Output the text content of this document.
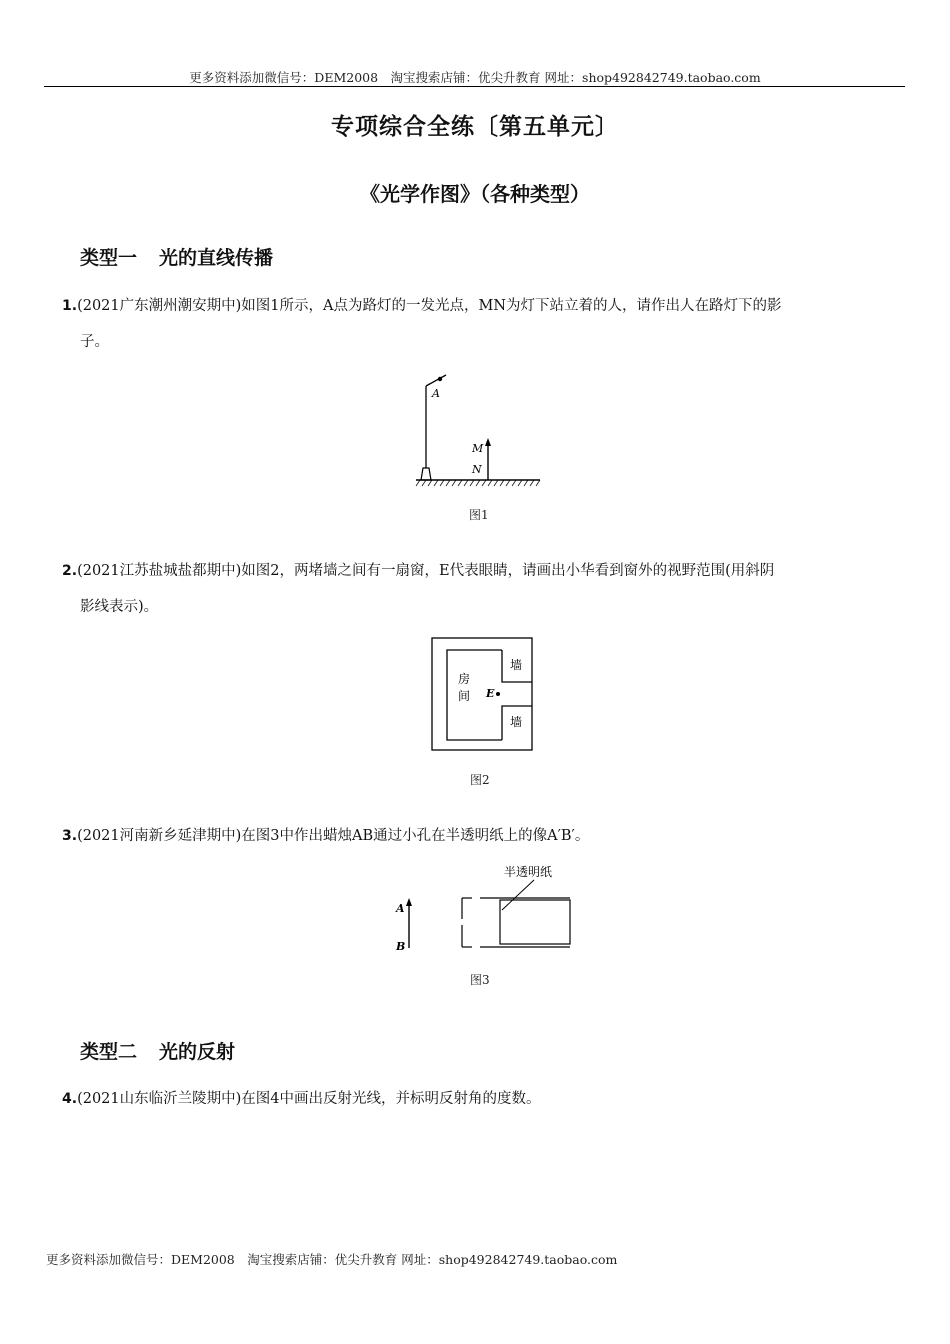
更多资料添加微信号：DEM2008　淘宝搜索店铺：优尖升教育 网址：shop492842749.taobao.com
专项综合全练〔第五单元〕
《光学作图》（各种类型）
类型一 光的直线传播
1.(2021广东潮州潮安期中)如图1所示，A点为路灯的一发光点，MN为灯下站立着的人，请作出人在路灯下的影
子。
A
M
N
图1
2.(2021江苏盐城盐都期中)如图2，两堵墙之间有一扇窗，E代表眼睛，请画出小华看到窗外的视野范围(用斜阴
影线表示)。
房
间 E
墙
墙
图2
3.(2021河南新乡延津期中)在图3中作出蜡烛AB通过小孔在半透明纸上的像A′B′。
半透明纸
A
B
图3
类型二 光的反射
4.(2021山东临沂兰陵期中)在图4中画出反射光线，并标明反射角的度数。
更多资料添加微信号：DEM2008　淘宝搜索店铺：优尖升教育 网址：shop492842749.taobao.com
